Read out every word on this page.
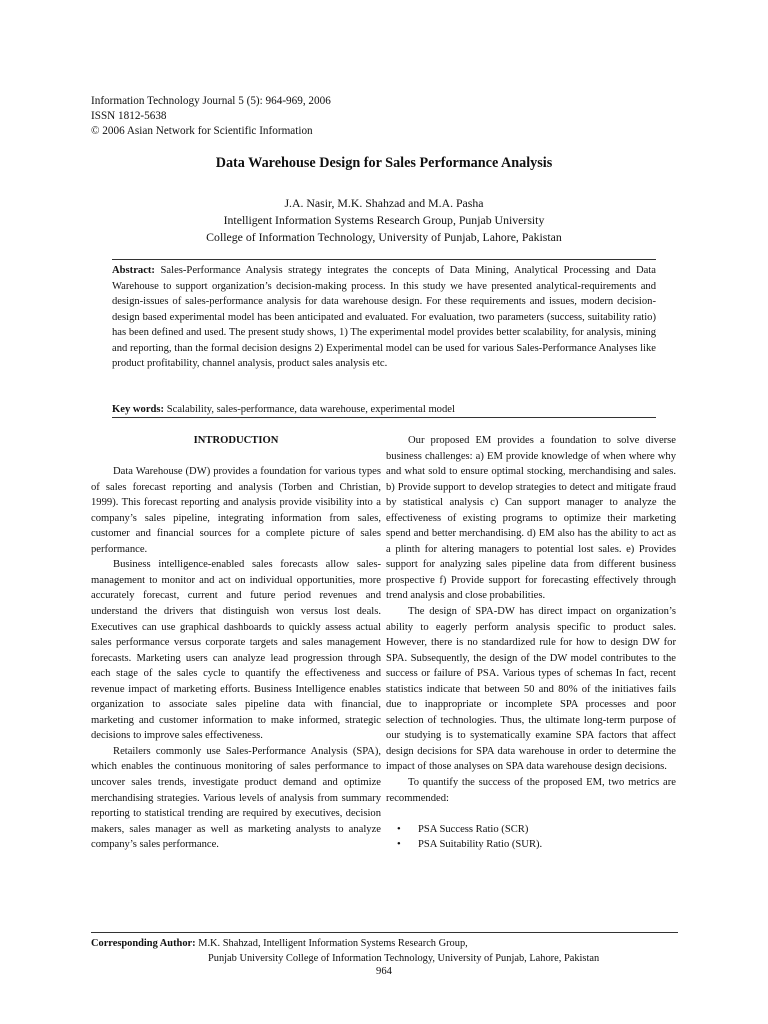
Information Technology Journal 5 (5): 964-969, 2006
ISSN 1812-5638
© 2006 Asian Network for Scientific Information
Data Warehouse Design for Sales Performance Analysis
J.A. Nasir, M.K. Shahzad and M.A. Pasha
Intelligent Information Systems Research Group, Punjab University
College of Information Technology, University of Punjab, Lahore, Pakistan
Abstract: Sales-Performance Analysis strategy integrates the concepts of Data Mining, Analytical Processing and Data Warehouse to support organization’s decision-making process. In this study we have presented analytical-requirements and design-issues of sales-performance analysis for data warehouse design. For these requirements and issues, modern decision-design based experimental model has been anticipated and evaluated. For evaluation, two parameters (success, suitability ratio) has been defined and used. The present study shows, 1) The experimental model provides better scalability, for analysis, mining and reporting, than the formal decision designs 2) Experimental model can be used for various Sales-Performance Analyses like product profitability, channel analysis, product sales analysis etc.
Key words: Scalability, sales-performance, data warehouse, experimental model

INTRODUCTION

Data Warehouse (DW) provides a foundation for various types of sales forecast reporting and analysis (Torben and Christian, 1999). This forecast reporting and analysis provide visibility into a company’s sales pipeline, integrating information from sales, customer and financial sources for a complete picture of sales performance.

Business intelligence-enabled sales forecasts allow sales-management to monitor and act on individual opportunities, more accurately forecast, current and future period revenues and understand the drivers that distinguish won versus lost deals. Executives can use graphical dashboards to quickly assess actual sales performance versus corporate targets and sales management forecasts. Marketing users can analyze lead progression through each stage of the sales cycle to quantify the effectiveness and revenue impact of marketing efforts. Business Intelligence enables organization to associate sales pipeline data with financial, marketing and customer information to make informed, strategic decisions to improve sales effectiveness.

Retailers commonly use Sales-Performance Analysis (SPA), which enables the continuous monitoring of sales performance to uncover sales trends, investigate product demand and optimize merchandising strategies. Various levels of analysis from summary reporting to statistical trending are required by executives, decision makers, sales manager as well as marketing analysts to analyze company’s sales performance.

Our proposed EM provides a foundation to solve diverse business challenges: a) EM provide knowledge of when where why and what sold to ensure optimal stocking, merchandising and sales. b) Provide support to develop strategies to detect and mitigate fraud by statistical analysis c) Can support manager to analyze the effectiveness of existing programs to optimize their marketing spend and better merchandising. d) EM also has the ability to act as a plinth for altering managers to potential lost sales. e) Provides support for analyzing sales pipeline data from different business prospective f) Provide support for forecasting effectively through trend analysis and close probabilities.

The design of SPA-DW has direct impact on organization’s ability to eagerly perform analysis specific to product sales. However, there is no standardized rule for how to design DW for SPA. Subsequently, the design of the DW model contributes to the success or failure of PSA. Various types of schemas In fact, recent statistics indicate that between 50 and 80% of the initiatives fails due to inappropriate or incomplete SPA processes and poor selection of technologies. Thus, the ultimate long-term purpose of our studying is to systematically examine SPA factors that affect design decisions for SPA data warehouse in order to determine the impact of those analyses on SPA data warehouse design decisions.

To quantify the success of the proposed EM, two metrics are recommended:

• PSA Success Ratio (SCR)
• PSA Suitability Ratio (SUR).
Corresponding Author: M.K. Shahzad, Intelligent Information Systems Research Group,
Punjab University College of Information Technology, University of Punjab, Lahore, Pakistan
964
